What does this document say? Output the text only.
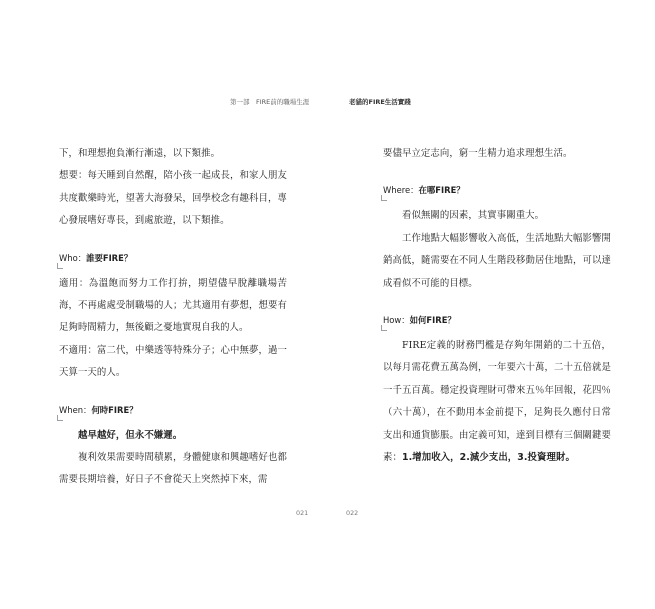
第一部　FIRE前的職場生涯	老貓的FIRE生活實踐

下，和理想抱負漸行漸遠，以下類推。

想要：每天睡到自然醒，陪小孩一起成長，和家人朋友共度歡樂時光，望著大海發呆，回學校念有趣科目，專心發展嗜好專長，到處旅遊，以下類推。

Who：誰要FIRE？

適用：為溫飽而努力工作打拚，期望儘早脫離職場苦海，不再處處受制職場的人；尤其適用有夢想，想要有足夠時間精力，無後顧之憂地實現自我的人。

不適用：富二代，中樂透等特殊分子；心中無夢，過一天算一天的人。

When：何時FIRE？

越早越好，但永不嫌遲。

複利效果需要時間積累，身體健康和興趣嗜好也都需要長期培養，好日子不會從天上突然掉下來，需

要儘早立定志向，窮一生精力追求理想生活。

Where：在哪FIRE？

看似無關的因素，其實事關重大。

工作地點大幅影響收入高低，生活地點大幅影響開銷高低，隨需要在不同人生階段移動居住地點，可以達成看似不可能的目標。

How：如何FIRE？

FIRE定義的財務門檻是存夠年開銷的二十五倍，以每月需花費五萬為例，一年要六十萬，二十五倍就是一千五百萬。穩定投資理財可帶來五％年回報，花四％（六十萬），在不動用本金前提下，足夠長久應付日常支出和通貨膨脹。由定義可知，達到目標有三個關鍵要素：1.增加收入，2.減少支出，3.投資理財。

021	022
